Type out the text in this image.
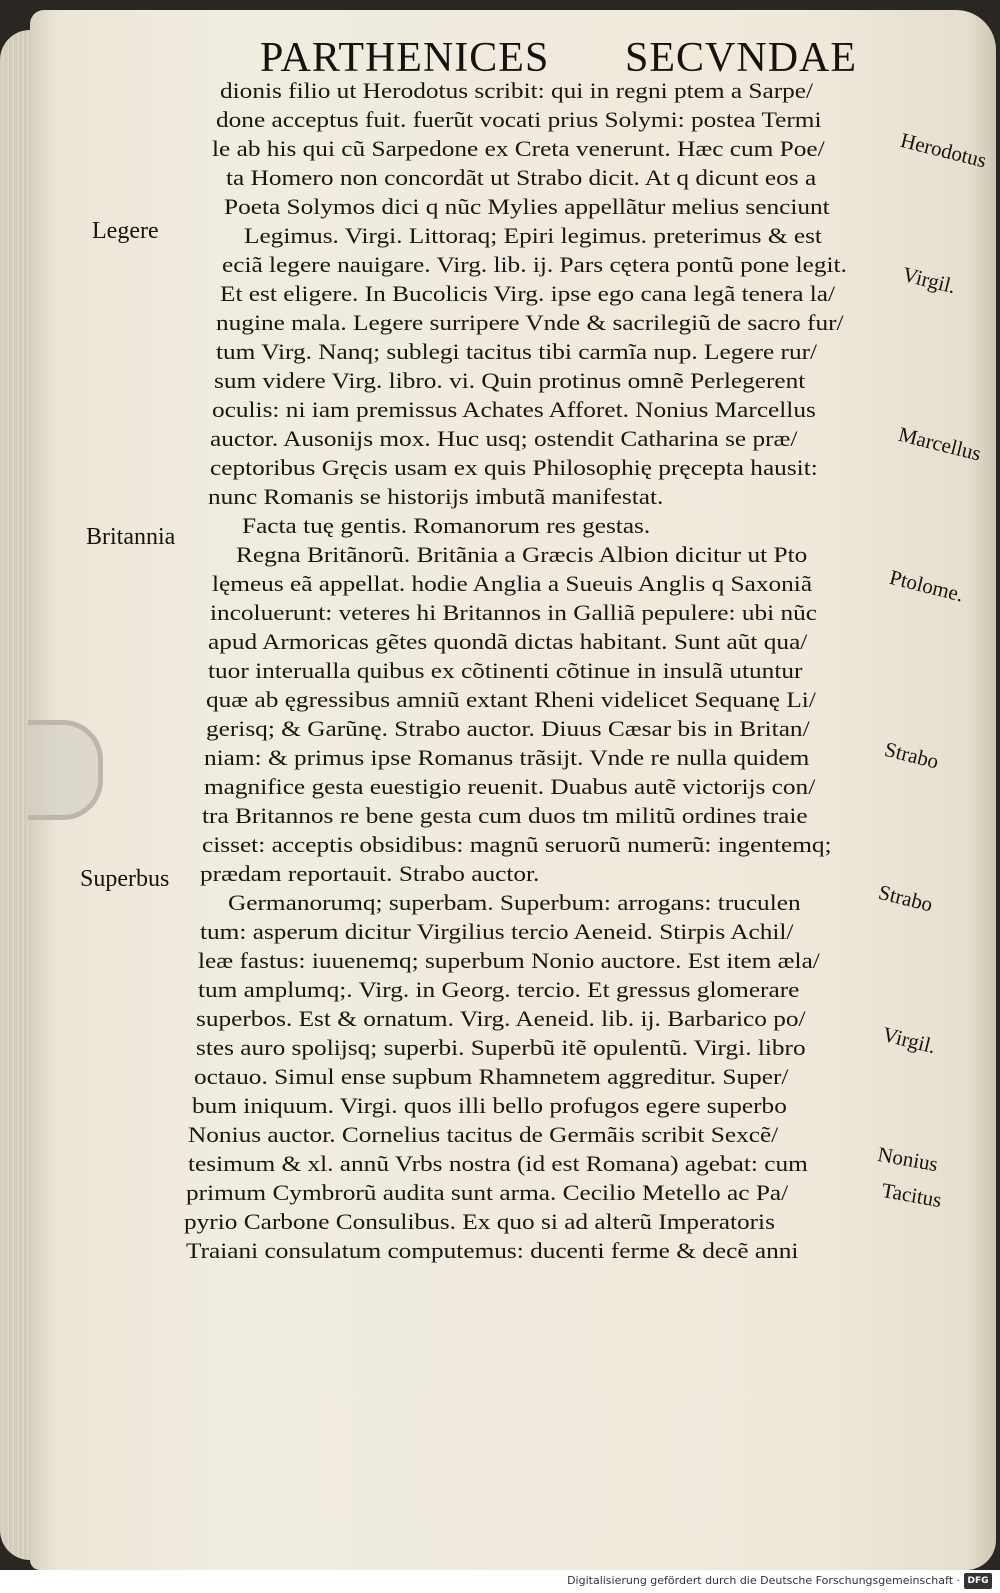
PARTHENICES SECVNDAE
dionis filio ut Herodotus scribit: qui in regni ptem a Sarpe/
done acceptus fuit. fuerũt vocati prius Solymi: postea Termi
le ab his qui cũ Sarpedone ex Creta venerunt. Hæc cum Poe/
ta Homero non concordãt ut Strabo dicit. At q dicunt eos a
Poeta Solymos dici q nũc Mylies appellãtur melius senciunt
Legimus. Virgi. Littoraq; Epiri legimus. preterimus & est
eciã legere nauigare. Virg. lib. ij. Pars cętera pontũ pone legit.
Et est eligere. In Bucolicis Virg. ipse ego cana legã tenera la/
nugine mala. Legere surripere Vnde & sacrilegiũ de sacro fur/
tum Virg. Nanq; sublegi tacitus tibi carmĩa nup. Legere rur/
sum videre Virg. libro. vi. Quin protinus omnẽ Perlegerent
oculis: ni iam premissus Achates Afforet. Nonius Marcellus
auctor. Ausonijs mox. Huc usq; ostendit Catharina se præ/
ceptoribus Gręcis usam ex quis Philosophię pręcepta hausit:
nunc Romanis se historijs imbutã manifestat.
Facta tuę gentis. Romanorum res gestas.
Regna Britãnorũ. Britãnia a Græcis Albion dicitur ut Pto
lęmeus eã appellat. hodie Anglia a Sueuis Anglis q Saxoniã
incoluerunt: veteres hi Britannos in Galliã pepulere: ubi nũc
apud Armoricas gẽtes quondã dictas habitant. Sunt aũt qua/
tuor interualla quibus ex cõtinenti cõtinue in insulã utuntur
quæ ab ęgressibus amniũ extant Rheni videlicet Sequanę Li/
gerisq; & Garũnę. Strabo auctor. Diuus Cæsar bis in Britan/
niam: & primus ipse Romanus trãsijt. Vnde re nulla quidem
magnifice gesta euestigio reuenit. Duabus autẽ victorijs con/
tra Britannos re bene gesta cum duos tm militũ ordines traie
cisset: acceptis obsidibus: magnũ seruorũ numerũ: ingentemq;
prædam reportauit. Strabo auctor.
Germanorumq; superbam. Superbum: arrogans: truculen
tum: asperum dicitur Virgilius tercio Aeneid. Stirpis Achil/
leæ fastus: iuuenemq; superbum Nonio auctore. Est item æla/
tum amplumq;. Virg. in Georg. tercio. Et gressus glomerare
superbos. Est & ornatum. Virg. Aeneid. lib. ij. Barbarico po/
stes auro spolijsq; superbi. Superbũ itẽ opulentũ. Virgi. libro
octauo. Simul ense supbum Rhamnetem aggreditur. Super/
bum iniquum. Virgi. quos illi bello profugos egere superbo
Nonius auctor. Cornelius tacitus de Germãis scribit Sexcẽ/
tesimum & xl. annũ Vrbs nostra (id est Romana) agebat: cum
primum Cymbrorũ audita sunt arma. Cecilio Metello ac Pa/
pyrio Carbone Consulibus. Ex quo si ad alterũ Imperatoris
Traiani consulatum computemus: ducenti ferme & decẽ anni
Legere
Britannia
Superbus
Herodotus
Virgil.
Marcellus
Ptolome.
Strabo
Strabo
Virgil.
Nonius
Tacitus
Digitalisierung gefördert durch die Deutsche Forschungsgemeinschaft · DFG
